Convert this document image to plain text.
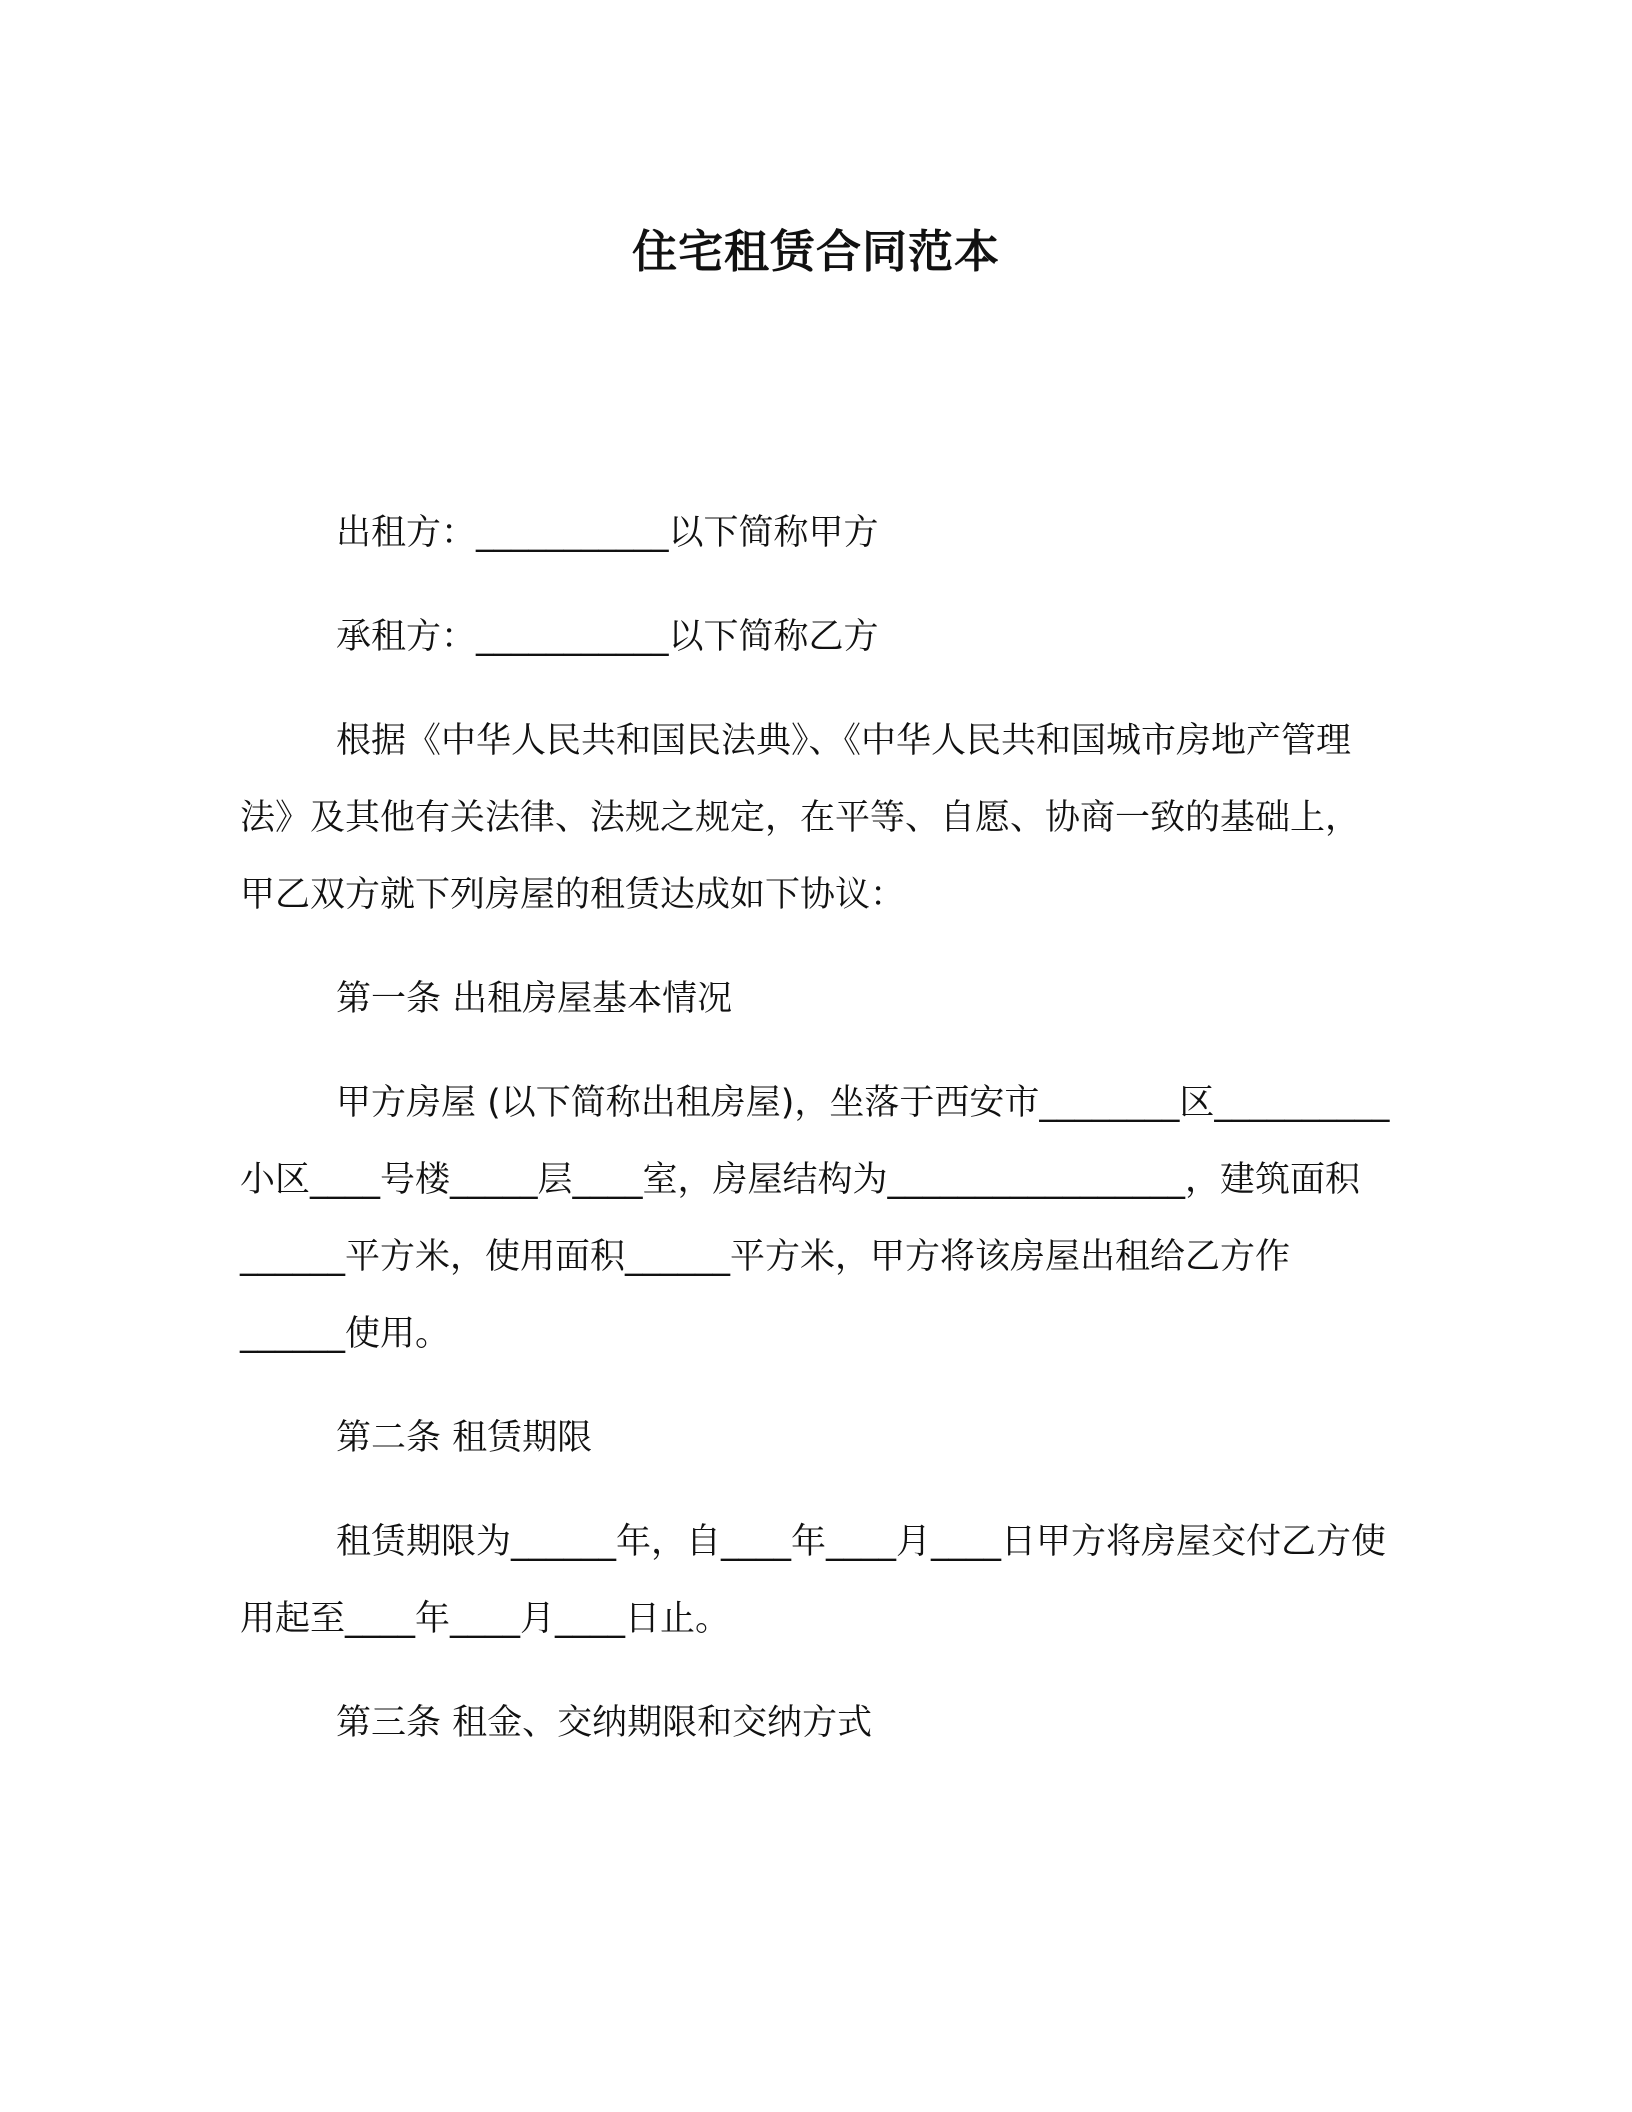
住宅租赁合同范本

出租方：___________以下简称甲方

承租方：___________以下简称乙方

根据《中华人民共和国民法典》、《中华人民共和国城市房地产管理法》及其他有关法律、法规之规定，在平等、自愿、协商一致的基础上，甲乙双方就下列房屋的租赁达成如下协议：

第一条 出租房屋基本情况

甲方房屋 (以下简称出租房屋)，坐落于西安市________区__________小区____号楼_____层____室，房屋结构为_________________，建筑面积______平方米，使用面积______平方米，甲方将该房屋出租给乙方作______使用。

第二条 租赁期限

租赁期限为______年，自____年____月____日甲方将房屋交付乙方使用起至____年____月____日止。

第三条 租金、交纳期限和交纳方式
